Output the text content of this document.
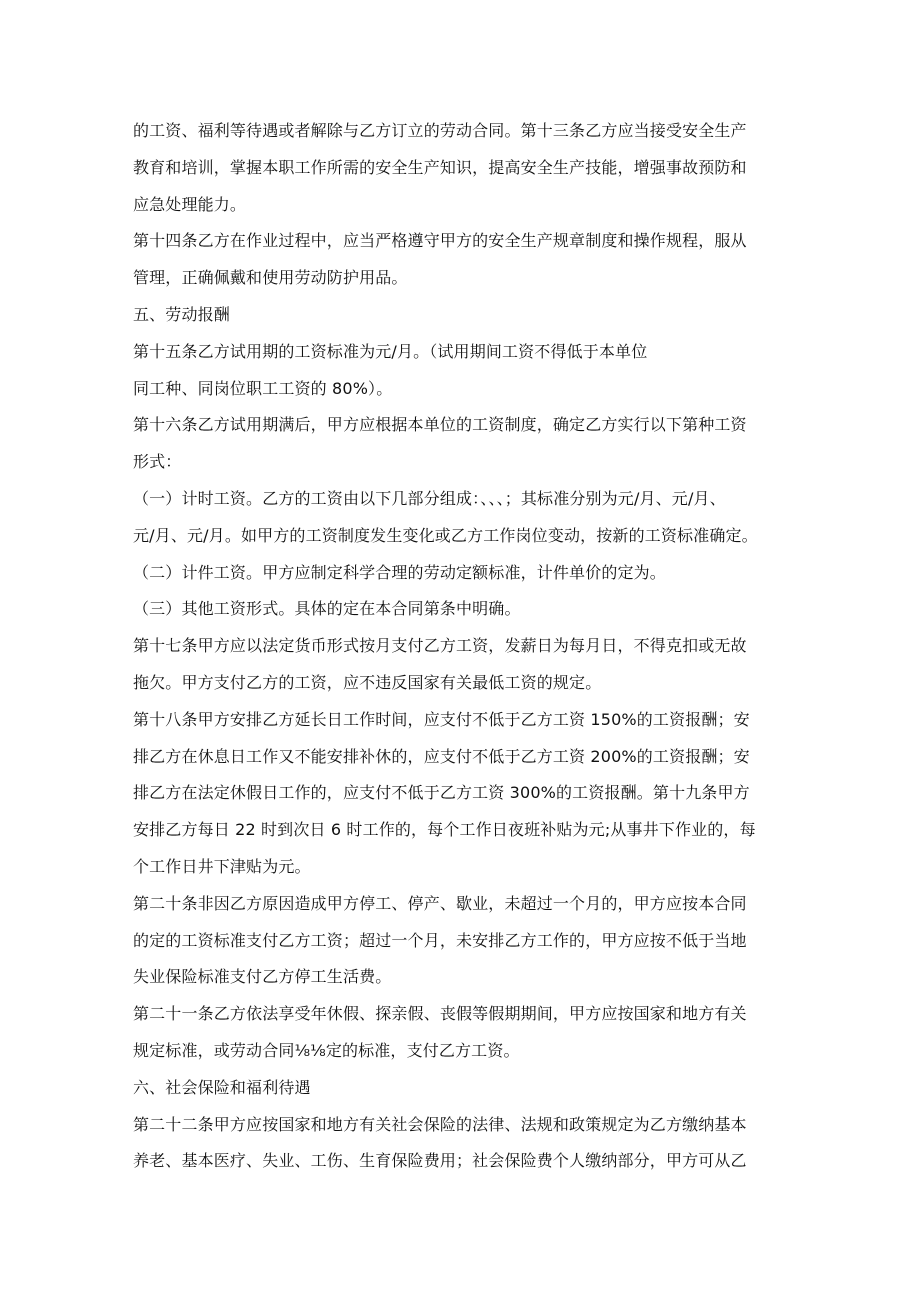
的工资、福利等待遇或者解除与乙方订立的劳动合同。第十三条乙方应当接受安全生产
教育和培训，掌握本职工作所需的安全生产知识，提高安全生产技能，增强事故预防和
应急处理能力。
第十四条乙方在作业过程中，应当严格遵守甲方的安全生产规章制度和操作规程，服从
管理，正确佩戴和使用劳动防护用品。
五、劳动报酬
第十五条乙方试用期的工资标准为元/月。（试用期间工资不得低于本单位
同工种、同岗位职工工资的 80%）。
第十六条乙方试用期满后，甲方应根据本单位的工资制度，确定乙方实行以下第种工资
形式：
（一）计时工资。乙方的工资由以下几部分组成：、、、；其标准分别为元/月、元/月、
元/月、元/月。如甲方的工资制度发生变化或乙方工作岗位变动，按新的工资标准确定。
（二）计件工资。甲方应制定科学合理的劳动定额标准，计件单价的定为。
（三）其他工资形式。具体的定在本合同第条中明确。
第十七条甲方应以法定货币形式按月支付乙方工资，发薪日为每月日，不得克扣或无故
拖欠。甲方支付乙方的工资，应不违反国家有关最低工资的规定。
第十八条甲方安排乙方延长日工作时间，应支付不低于乙方工资 150%的工资报酬；安
排乙方在休息日工作又不能安排补休的，应支付不低于乙方工资 200%的工资报酬；安
排乙方在法定休假日工作的，应支付不低于乙方工资 300%的工资报酬。第十九条甲方
安排乙方每日 22 时到次日 6 时工作的，每个工作日夜班补贴为元;从事井下作业的，每
个工作日井下津贴为元。
第二十条非因乙方原因造成甲方停工、停产、歇业，未超过一个月的，甲方应按本合同
的定的工资标准支付乙方工资；超过一个月，未安排乙方工作的，甲方应按不低于当地
失业保险标准支付乙方停工生活费。
第二十一条乙方依法享受年休假、探亲假、丧假等假期期间，甲方应按国家和地方有关
规定标准，或劳动合同⅛⅛定的标准，支付乙方工资。
六、社会保险和福利待遇
第二十二条甲方应按国家和地方有关社会保险的法律、法规和政策规定为乙方缴纳基本
养老、基本医疗、失业、工伤、生育保险费用；社会保险费个人缴纳部分，甲方可从乙
